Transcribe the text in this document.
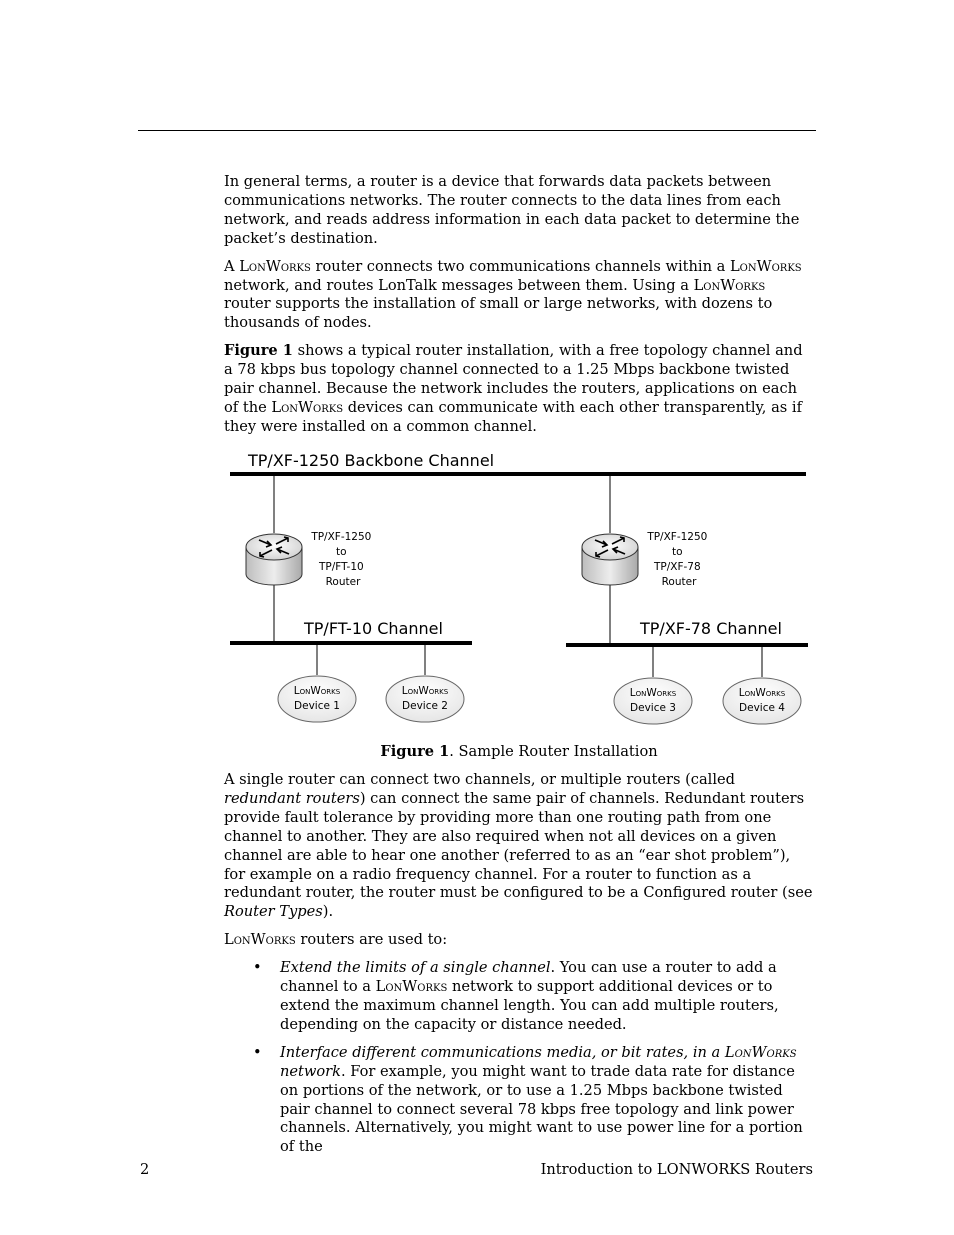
In general terms, a router is a device that forwards data packets between communications networks. The router connects to the data lines from each network, and reads address information in each data packet to determine the packet’s destination.

A LonWorks router connects two communications channels within a LonWorks network, and routes LonTalk messages between them. Using a LonWorks router supports the installation of small or large networks, with dozens to thousands of nodes.

Figure 1 shows a typical router installation, with a free topology channel and a 78 kbps bus topology channel connected to a 1.25 Mbps backbone twisted pair channel. Because the network includes the routers, applications on each of the LonWorks devices can communicate with each other transparently, as if they were installed on a common channel.

TP/XF-1250 Backbone Channel
TP/XF-1250 to TP/FT-10 Router
TP/XF-1250 to TP/XF-78 Router
TP/FT-10 Channel	TP/XF-78 Channel
LonWorks
Device 1
LonWorks
Device 2
LonWorks
Device 3
LonWorks
Device 4
Figure 1. Sample Router Installation

A single router can connect two channels, or multiple routers (called redundant routers) can connect the same pair of channels. Redundant routers provide fault tolerance by providing more than one routing path from one channel to another. They are also required when not all devices on a given channel are able to hear one another (referred to as an “ear shot problem”), for example on a radio frequency channel. For a router to function as a redundant router, the router must be configured to be a Configured router (see Router Types).

LonWorks routers are used to:

• Extend the limits of a single channel. You can use a router to add a channel to a LonWorks network to support additional devices or to extend the maximum channel length. You can add multiple routers, depending on the capacity or distance needed.
• Interface different communications media, or bit rates, in a LonWorks network. For example, you might want to trade data rate for distance on portions of the network, or to use a 1.25 Mbps backbone twisted pair channel to connect several 78 kbps free topology and link power channels. Alternatively, you might want to use power line for a portion of the
2	Introduction to LONWORKS Routers
